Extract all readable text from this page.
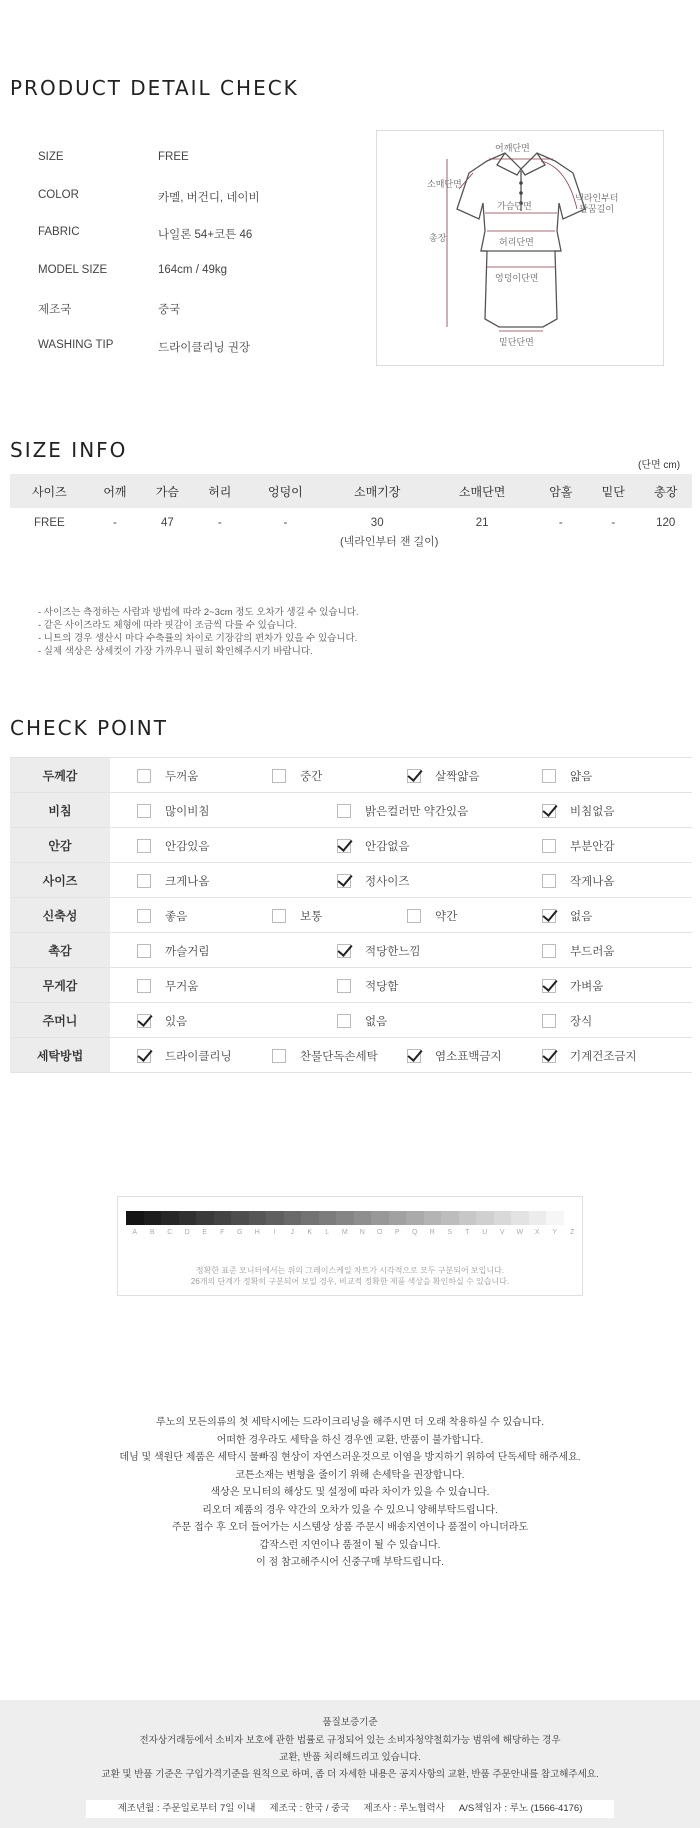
PRODUCT DETAIL CHECK
SIZE	FREE
COLOR	카멜, 버건디, 네이비
FABRIC	나일론 54+코튼 46
MODEL SIZE	164cm / 49kg
제조국	중국
WASHING TIP	드라이클리닝 권장
어깨단면
소매단면
가슴단면
넥라인부터
팔꿈길이
총장	허리단면
엉덩이단면
밑단단면
SIZE INFO
(단면 cm)
사이즈	어깨	가슴	허리	엉덩이	소매기장	소매단면	암홀	밑단	총장
FREE	-	47	-	-	30	21	-	-	120
(넥라인부터 잰 길이)
- 사이즈는 측정하는 사람과 방법에 따라 2~3cm 정도 오차가 생길 수 있습니다.
- 같은 사이즈라도 체형에 따라 핏감이 조금씩 다를 수 있습니다.
- 니트의 경우 생산시 마다 수축률의 차이로 기장감의 편차가 있을 수 있습니다.
- 실제 색상은 상세컷이 가장 가까우니 필히 확인해주시기 바랍니다.
CHECK POINT
두께감	두꺼움 중간 살짝얇음 얇음

비침	많이비침 밝은컬러만 약간있음 비침없음

안감	안감있음 안감없음 부분안감

사이즈	크게나옴 정사이즈 작게나옴

신축성	좋음 보통 약간 없음

촉감	까슬거림 적당한느낌 부드러움

무게감	무거움 적당함 가벼움

주머니	있음 없음 장식

세탁방법	드라이클리닝 찬물단독손세탁 염소표백금지 기계건조금지
A	B	C	D	E	F	G	H	I	J	K	L	M	N	O	P	Q	R	S	T	U	V	W	X	Y	Z
정확한 표준 모니터에서는 위의 그레이스케일 차트가 시각적으로 모두 구분되어 보입니다.
26개의 단계가 정확히 구분되어 보일 경우, 비교적 정확한 제품 색상을 확인하실 수 있습니다.
루노의 모든의류의 첫 세탁시에는 드라이크리닝을 해주시면 더 오래 착용하실 수 있습니다.
어떠한 경우라도 세탁을 하신 경우엔 교환, 반품이 불가합니다.
데님 및 색원단 제품은 세탁시 물빠짐 현상이 자연스러운것으로 이염을 방지하기 위하여 단독세탁 해주세요.
코튼소재는 변형을 줄이기 위해 손세탁을 권장합니다.
색상은 모니터의 해상도 및 설정에 따라 차이가 있을 수 있습니다.
리오더 제품의 경우 약간의 오차가 있을 수 있으니 양해부탁드립니다.
주문 접수 후 오더 들어가는 시스템상 상품 주문시 배송지연이나 품절이 아니더라도
갑작스런 지연이나 품절이 될 수 있습니다.
이 점 참고해주시어 신중구매 부탁드립니다.
품질보증기준
전자상거래등에서 소비자 보호에 관한 법률로 규정되어 있는 소비자청약철회가능 범위에 해당하는 경우
교환, 반품 처리해드리고 있습니다.
교환 및 반품 기준은 구입가격기준을 원칙으로 하며, 좀 더 자세한 내용은 공지사항의 교환, 반품 주문안내를 참고해주세요.
제조년월 : 주문일로부터 7일 이내 제조국 : 한국 / 중국 제조사 : 루노협력사 A/S책임자 : 루노 (1566-4176)
